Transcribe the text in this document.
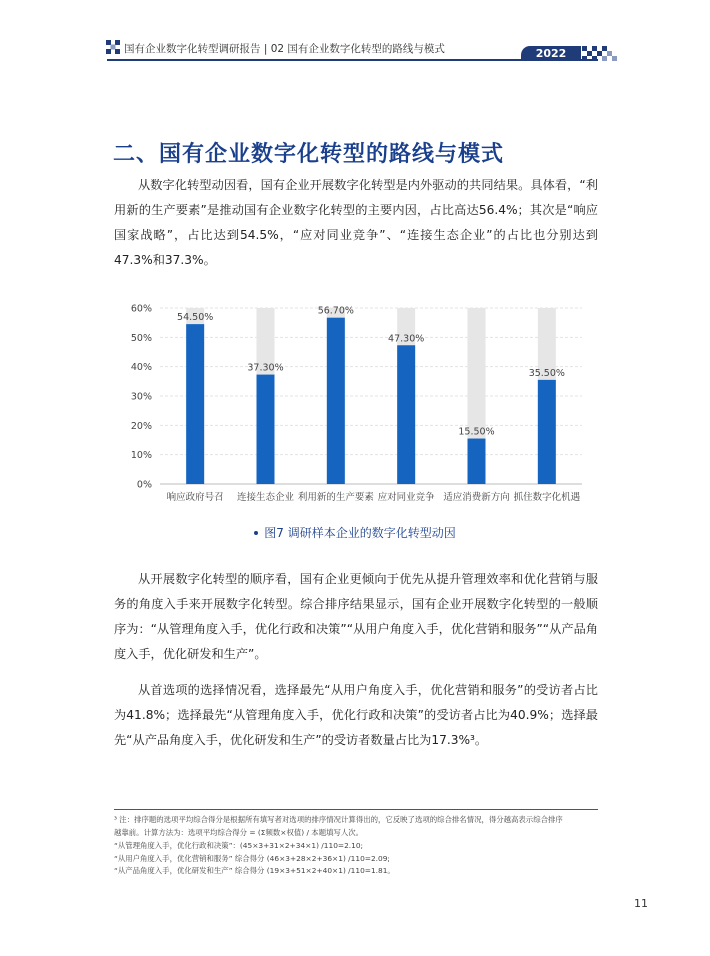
国有企业数字化转型调研报告 | 02 国有企业数字化转型的路线与模式	2022
二、国有企业数字化转型的路线与模式
从数字化转型动因看，国有企业开展数字化转型是内外驱动的共同结果。具体看，“利用新的生产要素”是推动国有企业数字化转型的主要内因，占比高达56.4%；其次是“响应国家战略”，占比达到54.5%，“应对同业竞争”、“连接生态企业”的占比也分别达到47.3%和37.3%。
0%
10%
20%
30%
40%
50%
60%
54.50%
响应政府号召
37.30%
连接生态企业
56.70%
利用新的生产要素
47.30%
应对同业竞争
15.50%
适应消费新方向
35.50%
抓住数字化机遇
图7 调研样本企业的数字化转型动因
从开展数字化转型的顺序看，国有企业更倾向于优先从提升管理效率和优化营销与服务的角度入手来开展数字化转型。综合排序结果显示，国有企业开展数字化转型的一般顺序为：“从管理角度入手，优化行政和决策”“从用户角度入手，优化营销和服务”“从产品角度入手，优化研发和生产”。
从首选项的选择情况看，选择最先“从用户角度入手，优化营销和服务”的受访者占比为41.8%；选择最先“从管理角度入手，优化行政和决策”的受访者占比为40.9%；选择最先“从产品角度入手，优化研发和生产”的受访者数量占比为17.3%³。
³ 注：排序题的选项平均综合得分是根据所有填写者对选项的排序情况计算得出的，它反映了选项的综合排名情况，得分越高表示综合排序
越靠前。计算方法为：选项平均综合得分 = (Σ频数×权值) / 本题填写人次。
“从管理角度入手，优化行政和决策”：(45×3+31×2+34×1) /110=2.10;
“从用户角度入手，优化营销和服务” 综合得分 (46×3+28×2+36×1) /110=2.09;
“从产品角度入手，优化研发和生产” 综合得分 (19×3+51×2+40×1) /110=1.81。
11
